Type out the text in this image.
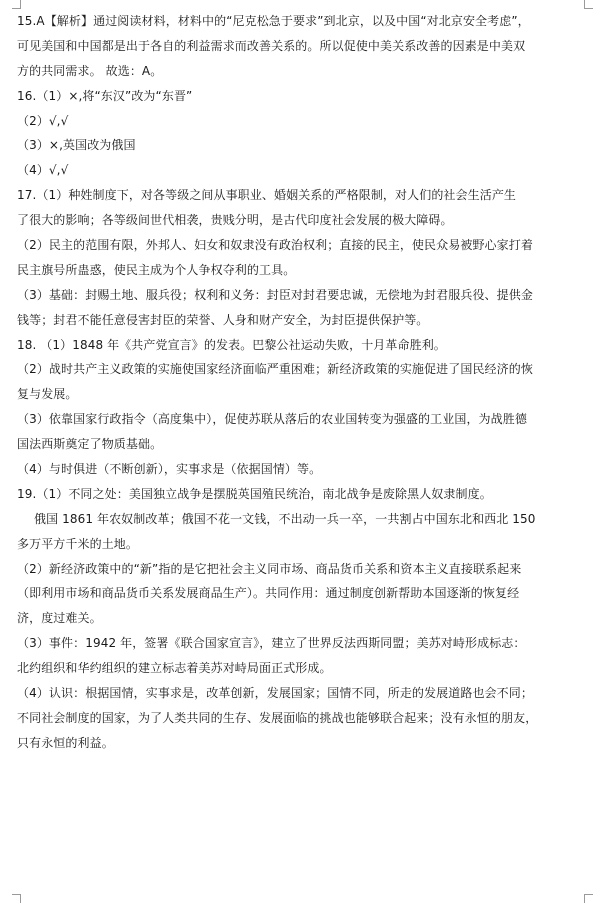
15.A【解析】通过阅读材料，材料中的“尼克松急于要求”到北京，以及中国“对北京安全考虑”，
可见美国和中国都是出于各自的利益需求而改善关系的。所以促使中美关系改善的因素是中美双
方的共同需求。 故选：A。
16.（1）×,将“东汉”改为“东晋”
（2）√,√
（3）×,英国改为俄国
（4）√,√
17.（1）种姓制度下，对各等级之间从事职业、婚姻关系的严格限制，对人们的社会生活产生
了很大的影响；各等级间世代相袭，贵贱分明，是古代印度社会发展的极大障碍。
（2）民主的范围有限，外邦人、妇女和奴隶没有政治权利；直接的民主，使民众易被野心家打着
民主旗号所蛊惑，使民主成为个人争权夺利的工具。
（3）基础：封赐土地、服兵役；权利和义务：封臣对封君要忠诚，无偿地为封君服兵役、提供金
钱等；封君不能任意侵害封臣的荣誉、人身和财产安全，为封臣提供保护等。
18. （1）1848 年《共产党宣言》的发表。巴黎公社运动失败，十月革命胜利。
（2）战时共产主义政策的实施使国家经济面临严重困难；新经济政策的实施促进了国民经济的恢
复与发展。
（3）依靠国家行政指令（高度集中），促使苏联从落后的农业国转变为强盛的工业国，为战胜德
国法西斯奠定了物质基础。
（4）与时俱进（不断创新），实事求是（依据国情）等。
19.（1）不同之处：美国独立战争是摆脱英国殖民统治，南北战争是废除黑人奴隶制度。
俄国 1861 年农奴制改革；俄国不花一文钱，不出动一兵一卒，一共割占中国东北和西北 150
多万平方千米的土地。
（2）新经济政策中的“新”指的是它把社会主义同市场、商品货币关系和资本主义直接联系起来
（即利用市场和商品货币关系发展商品生产）。共同作用：通过制度创新帮助本国逐渐的恢复经
济，度过难关。
（3）事件：1942 年，签署《联合国家宣言》，建立了世界反法西斯同盟；美苏对峙形成标志：
北约组织和华约组织的建立标志着美苏对峙局面正式形成。
（4）认识：根据国情，实事求是，改革创新，发展国家；国情不同，所走的发展道路也会不同；
不同社会制度的国家，为了人类共同的生存、发展面临的挑战也能够联合起来；没有永恒的朋友，
只有永恒的利益。
